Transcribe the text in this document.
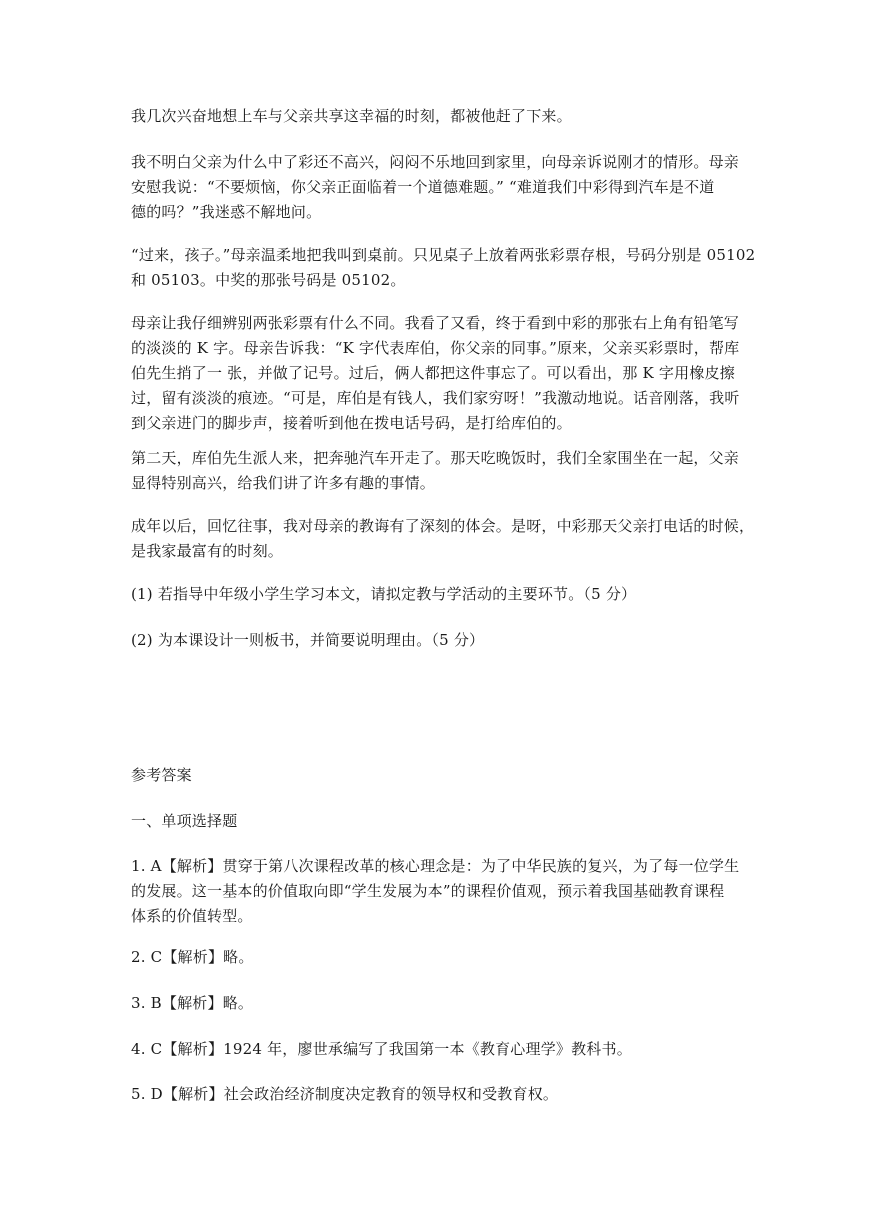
我几次兴奋地想上车与父亲共享这幸福的时刻，都被他赶了下来。

我不明白父亲为什么中了彩还不高兴，闷闷不乐地回到家里，向母亲诉说刚才的情形。母亲
安慰我说：“不要烦恼，你父亲正面临着一个道德难题。” “难道我们中彩得到汽车是不道
德的吗？”我迷惑不解地问。

“过来，孩子。”母亲温柔地把我叫到桌前。只见桌子上放着两张彩票存根，号码分别是 05102
和 05103。中奖的那张号码是 05102。

母亲让我仔细辨别两张彩票有什么不同。我看了又看，终于看到中彩的那张右上角有铅笔写
的淡淡的 K 字。母亲告诉我：“K 字代表库伯，你父亲的同事。”原来，父亲买彩票时，帮库
伯先生捎了一 张，并做了记号。过后，俩人都把这件事忘了。可以看出，那 K 字用橡皮擦
过，留有淡淡的痕迹。“可是，库伯是有钱人，我们家穷呀！”我激动地说。话音刚落，我听
到父亲进门的脚步声，接着听到他在拨电话号码，是打给库伯的。

第二天，库伯先生派人来，把奔驰汽车开走了。那天吃晚饭时，我们全家围坐在一起，父亲
显得特别高兴，给我们讲了许多有趣的事情。

成年以后，回忆往事，我对母亲的教诲有了深刻的体会。是呀，中彩那天父亲打电话的时候，
是我家最富有的时刻。

(1) 若指导中年级小学生学习本文，请拟定教与学活动的主要环节。（5 分）

(2) 为本课设计一则板书，并简要说明理由。（5 分）

参考答案

一、单项选择题

1. A【解析】贯穿于第八次课程改革的核心理念是：为了中华民族的复兴，为了每一位学生
的发展。这一基本的价值取向即“学生发展为本”的课程价值观，预示着我国基础教育课程
体系的价值转型。

2. C【解析】略。

3. B【解析】略。

4. C【解析】1924 年，廖世承编写了我国第一本《教育心理学》教科书。

5. D【解析】社会政治经济制度决定教育的领导权和受教育权。
